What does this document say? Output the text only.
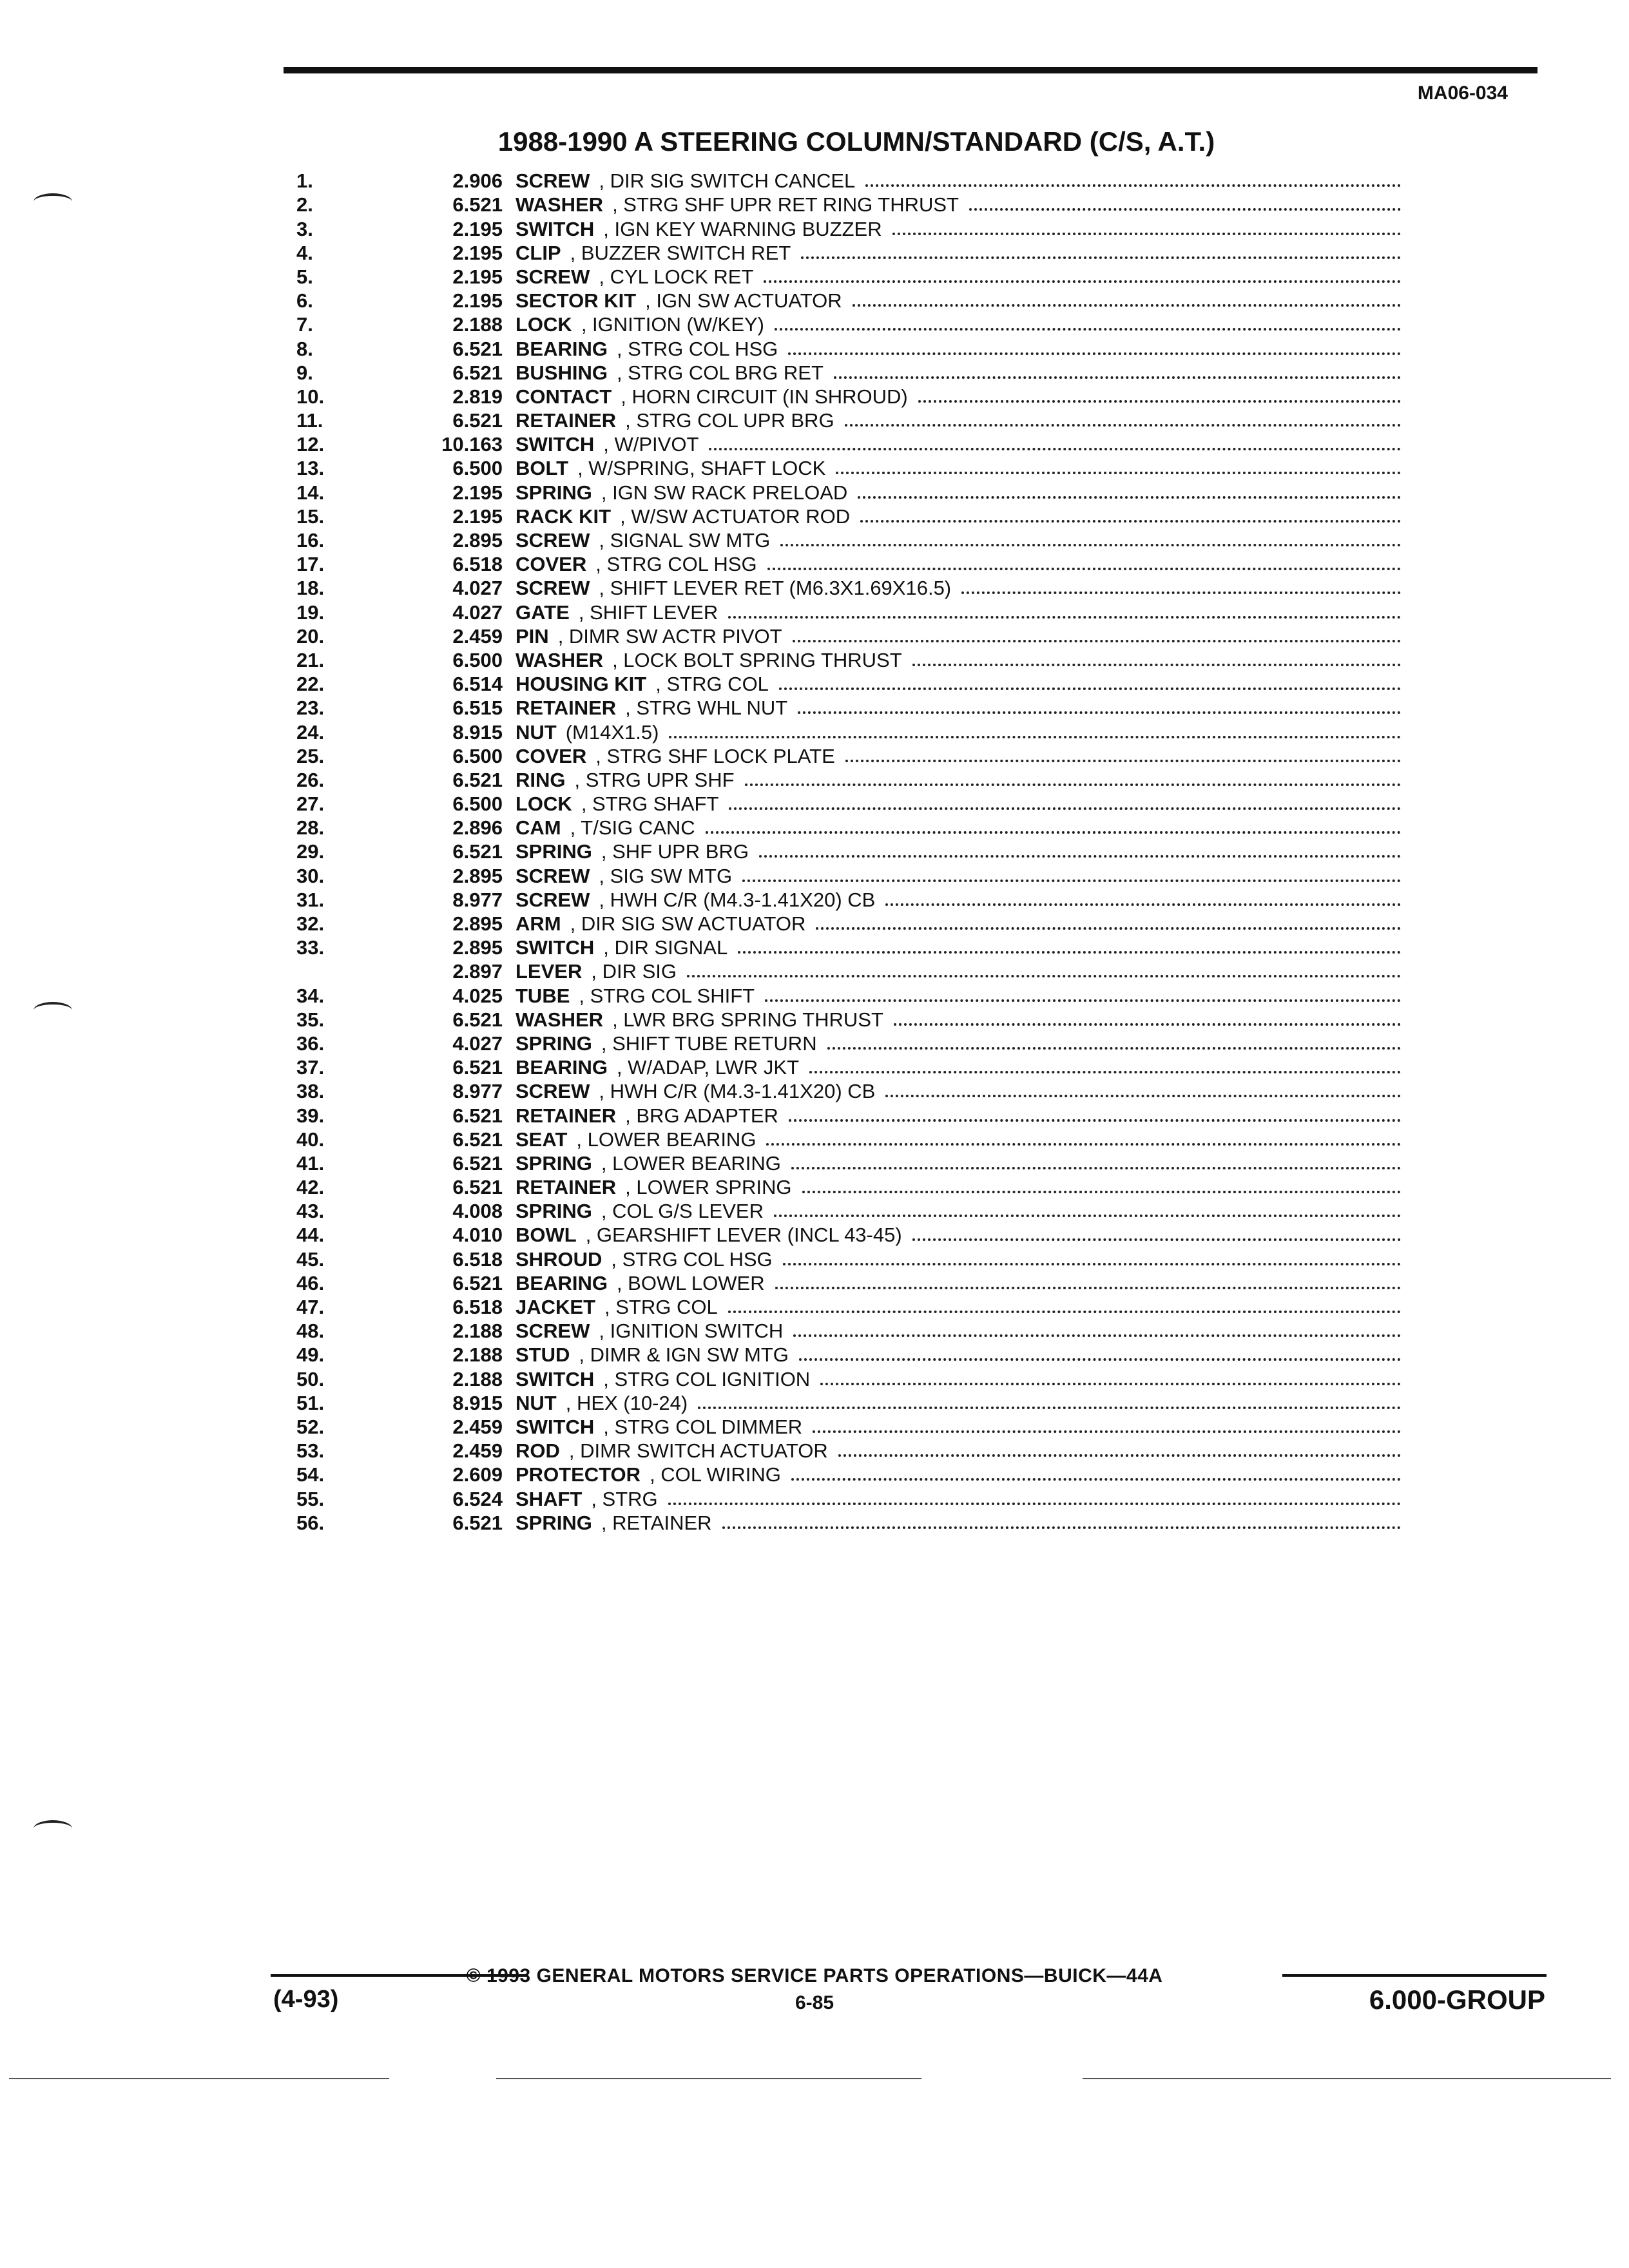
MA06-034
1988-1990 A STEERING COLUMN/STANDARD (C/S, A.T.)
1.	2.906 SCREW , DIR SIG SWITCH CANCEL
2.	6.521 WASHER , STRG SHF UPR RET RING THRUST
3.	2.195 SWITCH , IGN KEY WARNING BUZZER
4.	2.195 CLIP , BUZZER SWITCH RET
5.	2.195 SCREW , CYL LOCK RET
6.	2.195 SECTOR KIT , IGN SW ACTUATOR
7.	2.188 LOCK , IGNITION (W/KEY)
8.	6.521 BEARING , STRG COL HSG
9.	6.521 BUSHING , STRG COL BRG RET
10.	2.819 CONTACT , HORN CIRCUIT (IN SHROUD)
11.	6.521 RETAINER , STRG COL UPR BRG
12.	10.163 SWITCH , W/PIVOT
13.	6.500 BOLT , W/SPRING, SHAFT LOCK
14.	2.195 SPRING , IGN SW RACK PRELOAD
15.	2.195 RACK KIT , W/SW ACTUATOR ROD
16.	2.895 SCREW , SIGNAL SW MTG
17.	6.518 COVER , STRG COL HSG
18.	4.027 SCREW , SHIFT LEVER RET (M6.3X1.69X16.5)
19.	4.027 GATE , SHIFT LEVER
20.	2.459 PIN , DIMR SW ACTR PIVOT
21.	6.500 WASHER , LOCK BOLT SPRING THRUST
22.	6.514 HOUSING KIT , STRG COL
23.	6.515 RETAINER , STRG WHL NUT
24.	8.915 NUT (M14X1.5)
25.	6.500 COVER , STRG SHF LOCK PLATE
26.	6.521 RING , STRG UPR SHF
27.	6.500 LOCK , STRG SHAFT
28.	2.896 CAM , T/SIG CANC
29.	6.521 SPRING , SHF UPR BRG
30.	2.895 SCREW , SIG SW MTG
31.	8.977 SCREW , HWH C/R (M4.3-1.41X20) CB
32.	2.895 ARM , DIR SIG SW ACTUATOR
33.	2.895 SWITCH , DIR SIGNAL
2.897 LEVER , DIR SIG
34.	4.025 TUBE , STRG COL SHIFT
35.	6.521 WASHER , LWR BRG SPRING THRUST
36.	4.027 SPRING , SHIFT TUBE RETURN
37.	6.521 BEARING , W/ADAP, LWR JKT
38.	8.977 SCREW , HWH C/R (M4.3-1.41X20) CB
39.	6.521 RETAINER , BRG ADAPTER
40.	6.521 SEAT , LOWER BEARING
41.	6.521 SPRING , LOWER BEARING
42.	6.521 RETAINER , LOWER SPRING
43.	4.008 SPRING , COL G/S LEVER
44.	4.010 BOWL , GEARSHIFT LEVER (INCL 43-45)
45.	6.518 SHROUD , STRG COL HSG
46.	6.521 BEARING , BOWL LOWER
47.	6.518 JACKET , STRG COL
48.	2.188 SCREW , IGNITION SWITCH
49.	2.188 STUD , DIMR & IGN SW MTG
50.	2.188 SWITCH , STRG COL IGNITION
51.	8.915 NUT , HEX (10-24)
52.	2.459 SWITCH , STRG COL DIMMER
53.	2.459 ROD , DIMR SWITCH ACTUATOR
54.	2.609 PROTECTOR , COL WIRING
55.	6.524 SHAFT , STRG
56.	6.521 SPRING , RETAINER
© 1993 GENERAL MOTORS SERVICE PARTS OPERATIONS—BUICK—44A
(4-93)	6-85	6.000-GROUP
